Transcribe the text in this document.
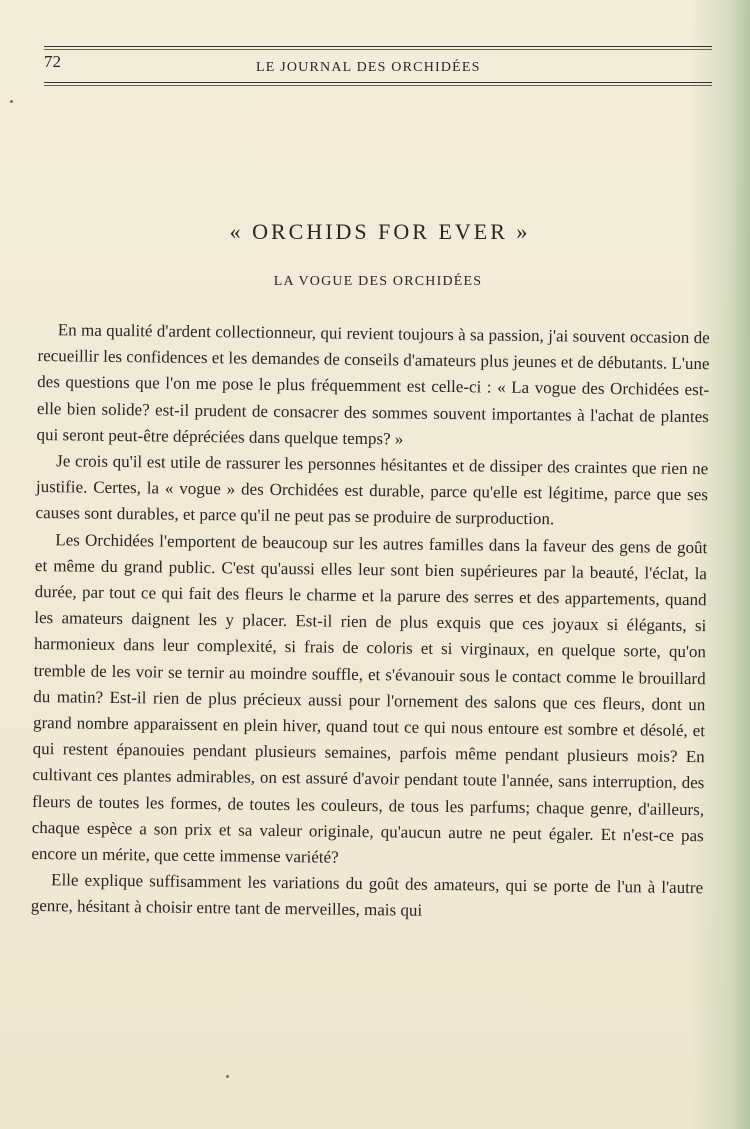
72	LE JOURNAL DES ORCHIDÉES
« ORCHIDS FOR EVER »
LA VOGUE DES ORCHIDÉES

En ma qualité d'ardent collectionneur, qui revient toujours à sa passion, j'ai souvent occasion de recueillir les confidences et les demandes de conseils d'amateurs plus jeunes et de débutants. L'une des questions que l'on me pose le plus fréquemment est celle-ci : « La vogue des Orchidées est-elle bien solide? est-il prudent de consacrer des sommes souvent importantes à l'achat de plantes qui seront peut-être dépréciées dans quelque temps? »

Je crois qu'il est utile de rassurer les personnes hésitantes et de dissiper des craintes que rien ne justifie. Certes, la « vogue » des Orchidées est durable, parce qu'elle est légitime, parce que ses causes sont durables, et parce qu'il ne peut pas se produire de surproduction.

Les Orchidées l'emportent de beaucoup sur les autres familles dans la faveur des gens de goût et même du grand public. C'est qu'aussi elles leur sont bien supérieures par la beauté, l'éclat, la durée, par tout ce qui fait des fleurs le charme et la parure des serres et des appartements, quand les amateurs daignent les y placer. Est-il rien de plus exquis que ces joyaux si élégants, si harmonieux dans leur complexité, si frais de coloris et si virginaux, en quelque sorte, qu'on tremble de les voir se ternir au moindre souffle, et s'évanouir sous le contact comme le brouillard du matin? Est-il rien de plus précieux aussi pour l'ornement des salons que ces fleurs, dont un grand nombre apparaissent en plein hiver, quand tout ce qui nous entoure est sombre et désolé, et qui restent épanouies pendant plusieurs semaines, parfois même pendant plusieurs mois? En cultivant ces plantes admirables, on est assuré d'avoir pendant toute l'année, sans interruption, des fleurs de toutes les formes, de toutes les couleurs, de tous les parfums; chaque genre, d'ailleurs, chaque espèce a son prix et sa valeur originale, qu'aucun autre ne peut égaler. Et n'est-ce pas encore un mérite, que cette immense variété?

Elle explique suffisamment les variations du goût des amateurs, qui se porte de l'un à l'autre genre, hésitant à choisir entre tant de merveilles, mais qui
